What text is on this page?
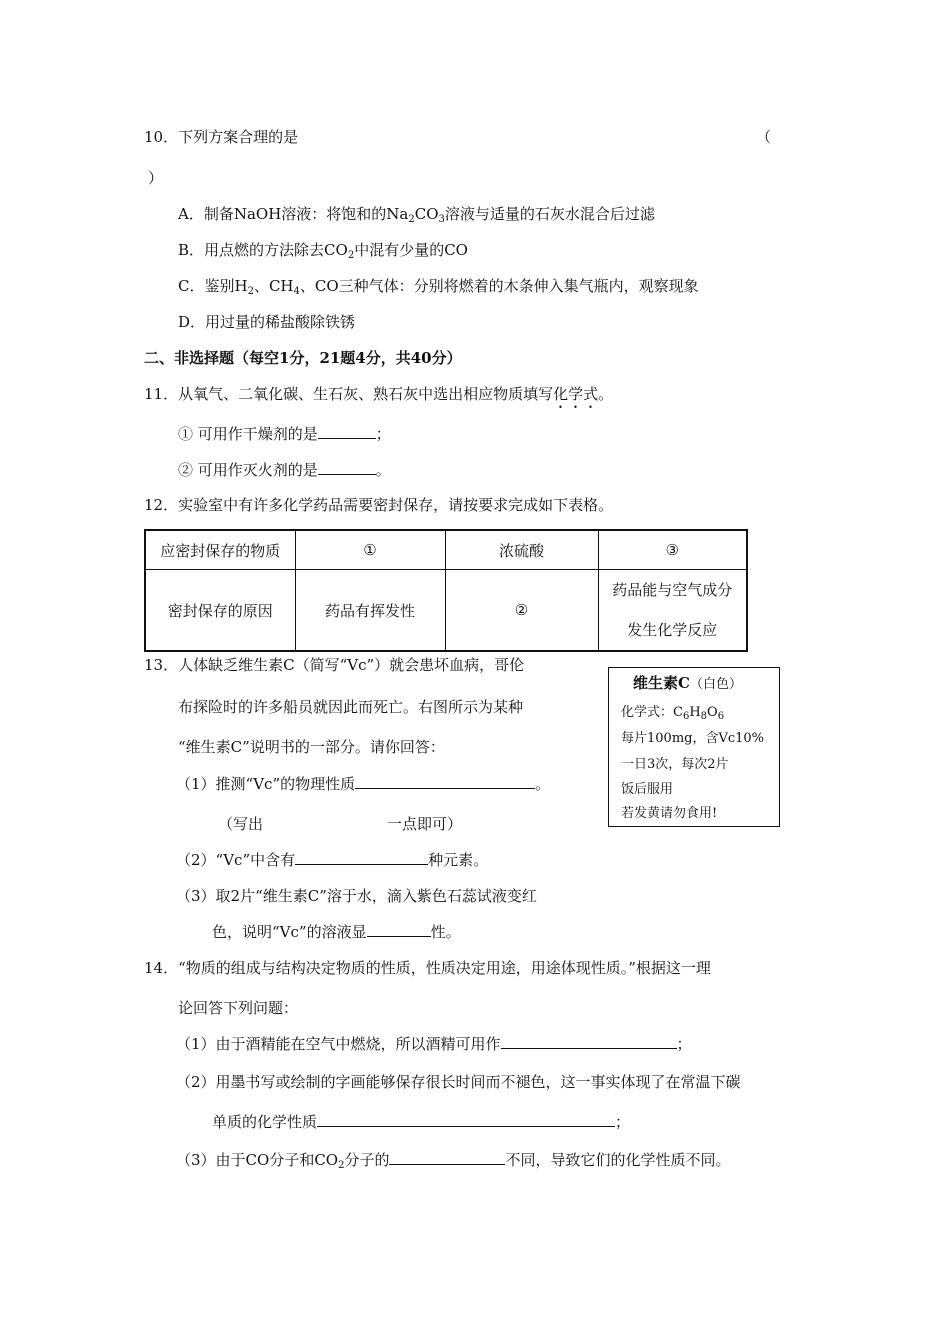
10．下列方案合理的是	（
）
A．制备NaOH溶液：将饱和的$Na_2CO_3$溶液与适量的石灰水混合后过滤
B．用点燃的方法除去$CO_2$中混有少量的CO
C．鉴别$H_2$、$CH_4$、CO三种气体：分别将燃着的木条伸入集气瓶内，观察现象
D．用过量的稀盐酸除铁锈
二、非选择题（每空1分，21题4分，共40分）
11．从氧气、二氧化碳、生石灰、熟石灰中选出相应物质填写化学式。
① 可用作干燥剂的是	；
② 可用作灭火剂的是	。
12．实验室中有许多化学药品需要密封保存，请按要求完成如下表格。
应密封保存的物质	①	浓硫酸	③
密封保存的原因	药品有挥发性	②	药品能与空气成分
发生化学反应
13．人体缺乏维生素C（简写“Vc”）就会患坏血病，哥伦
布探险时的许多船员就因此而死亡。右图所示为某种
“维生素C”说明书的一部分。请你回答：
（1）推测“Vc”的物理性质	。
（写出	一点即可）
（2）“Vc”中含有	种元素。
（3）取2片“维生素C”溶于水，滴入紫色石蕊试液变红
色，说明“Vc”的溶液显	性。
维生素C（白色）
化学式：$C_6H_8O_6$
每片100mg，含Vc10%
一日3次，每次2片
饭后服用
若发黄请勿食用!
14．“物质的组成与结构决定物质的性质，性质决定用途，用途体现性质。”根据这一理
论回答下列问题：
（1）由于酒精能在空气中燃烧，所以酒精可用作	；
（2）用墨书写或绘制的字画能够保存很长时间而不褪色，这一事实体现了在常温下碳
单质的化学性质	；
（3）由于CO分子和$CO_2$分子的	不同，导致它们的化学性质不同。
